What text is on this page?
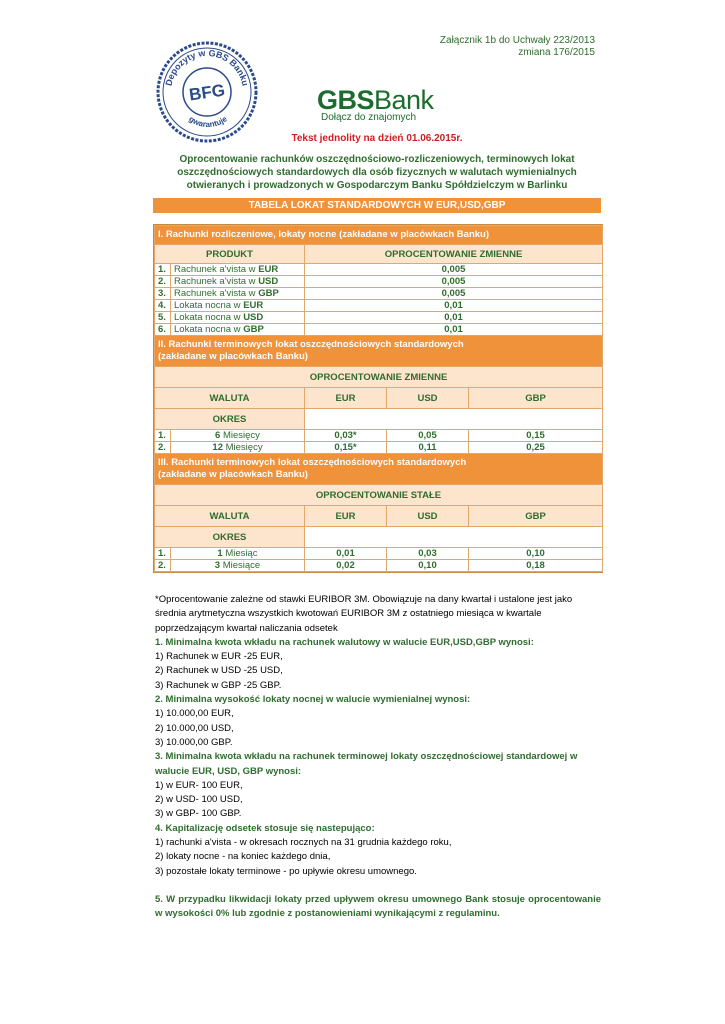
Załącznik 1b do Uchwały 223/2013
zmiana 176/2015
Depozyty w GBS Banku
gwarantuje
BFG	GBSBank
Dołącz do znajomych
Tekst jednolity na dzień 01.06.2015r.
Oprocentowanie rachunków oszczędnościowo-rozliczeniowych, terminowych lokat oszczędnościowych standardowych dla osób fizycznych w walutach wymienialnych otwieranych i prowadzonych w Gospodarczym Banku Spółdzielczym w Barlinku
TABELA LOKAT STANDARDOWYCH W EUR,USD,GBP
I. Rachunki rozliczeniowe, lokaty nocne (zakładane w placówkach Banku)				
PRODUKT		OPROCENTOWANIE ZMIENNE		
1.	Rachunek a'vista w EUR	0,005		
2.	Rachunek a'vista w USD	0,005		
3.	Rachunek a'vista w GBP	0,005		
4.	Lokata nocna w EUR	0,01		
5.	Lokata nocna w USD	0,01		
6.	Lokata nocna w GBP	0,01		

II. Rachunki terminowych lokat oszczędnościowych standardowych
(zakładane w placówkach Banku)				

OPROCENTOWANIE ZMIENNE				
WALUTA		EUR	USD	GBP
OKRES				
1.	6 Miesięcy	0,03*	0,05	0,15
2.	12 Miesięcy	0,15*	0,11	0,25

III. Rachunki terminowych lokat oszczędnościowych standardowych
(zakładane w placówkach Banku)				

OPROCENTOWANIE STAŁE				
WALUTA		EUR	USD	GBP
OKRES				
1.	1 Miesiąc	0,01	0,03	0,10
2.	3 Miesiące	0,02	0,10	0,18

*Oprocentowanie zależne od stawki EURIBOR 3M. Obowiązuje na dany kwartał i ustalone jest jako średnia arytmetyczna wszystkich kwotowań EURIBOR 3M z ostatniego miesiąca w kwartale poprzedzającym kwartał naliczania odsetek

1. Minimalna kwota wkładu na rachunek walutowy w walucie EUR,USD,GBP wynosi:

1) Rachunek w EUR -25 EUR,

2) Rachunek w USD -25 USD,

3) Rachunek w GBP -25 GBP.

2. Minimalna wysokość lokaty nocnej w walucie wymienialnej wynosi:

1) 10.000,00 EUR,

2) 10.000,00 USD,

3) 10.000,00 GBP.

3. Minimalna kwota wkładu na rachunek terminowej lokaty oszczędnościowej standardowej w walucie EUR, USD, GBP wynosi:

1) w EUR- 100 EUR,

2) w USD- 100 USD,

3) w GBP- 100 GBP.

4. Kapitalizację odsetek stosuje się nastepująco:

1) rachunki a'vista - w okresach rocznych na 31 grudnia każdego roku,

2) lokaty nocne - na koniec każdego dnia,

3) pozostałe lokaty terminowe - po upływie okresu umownego.

5. W przypadku likwidacji lokaty przed upływem okresu umownego Bank stosuje oprocentowanie w wysokości 0% lub zgodnie z postanowieniami wynikającymi z regulaminu.
